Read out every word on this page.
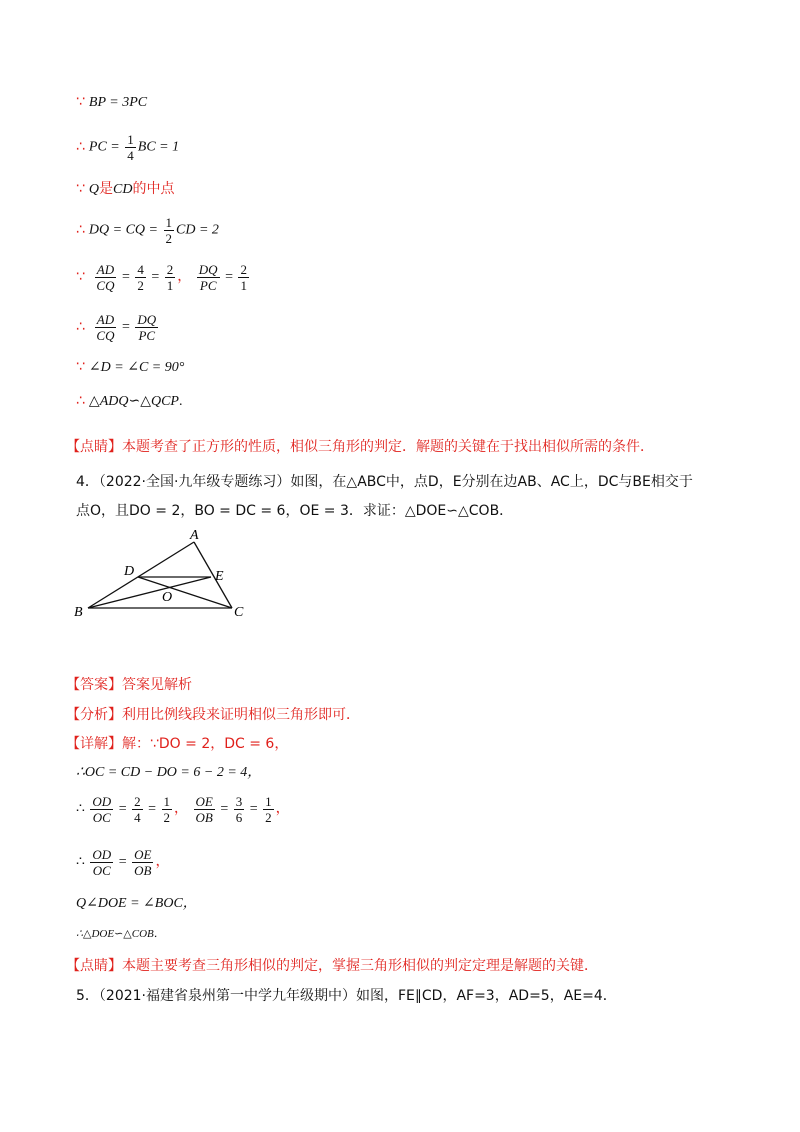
∵ BP = 3PC
∴ PC = $\frac{1}{4}$ BC = 1
∵ Q是CD的中点
∴ DQ = CQ = $\frac{1}{2}$ CD = 2
∵ $\frac{AD}{CQ} = \frac{4}{2} = \frac{2}{1}$ ， $\frac{DQ}{PC} = \frac{2}{1}$
∴ $\frac{AD}{CQ} = \frac{DQ}{PC}$
∵ ∠D = ∠C = 90°
∴ △ADQ∽△QCP.
【点睛】本题考查了正方形的性质，相似三角形的判定．解题的关键在于找出相似所需的条件．
4．（2022·全国·九年级专题练习）如图，在△ABC中，点D，E分别在边AB、AC上，DC与BE相交于
点O，且DO = 2，BO = DC = 6，OE = 3．求证：△DOE∽△COB．
A
B	C
D	E
O
【答案】答案见解析
【分析】利用比例线段来证明相似三角形即可．
【详解】解：∵DO = 2，DC = 6，
∴OC = CD − DO = 6 − 2 = 4，
∴ $\frac{OD}{OC} = \frac{2}{4} = \frac{1}{2}$ ， $\frac{OE}{OB} = \frac{3}{6} = \frac{1}{2}$ ，
∴ $\frac{OD}{OC} = \frac{OE}{OB}$ ，
Q∠DOE = ∠BOC，
∴△DOE∽△COB．
【点睛】本题主要考查三角形相似的判定，掌握三角形相似的判定定理是解题的关键．
5．（2021·福建省泉州第一中学九年级期中）如图，FE∥CD，AF=3，AD=5，AE=4．
